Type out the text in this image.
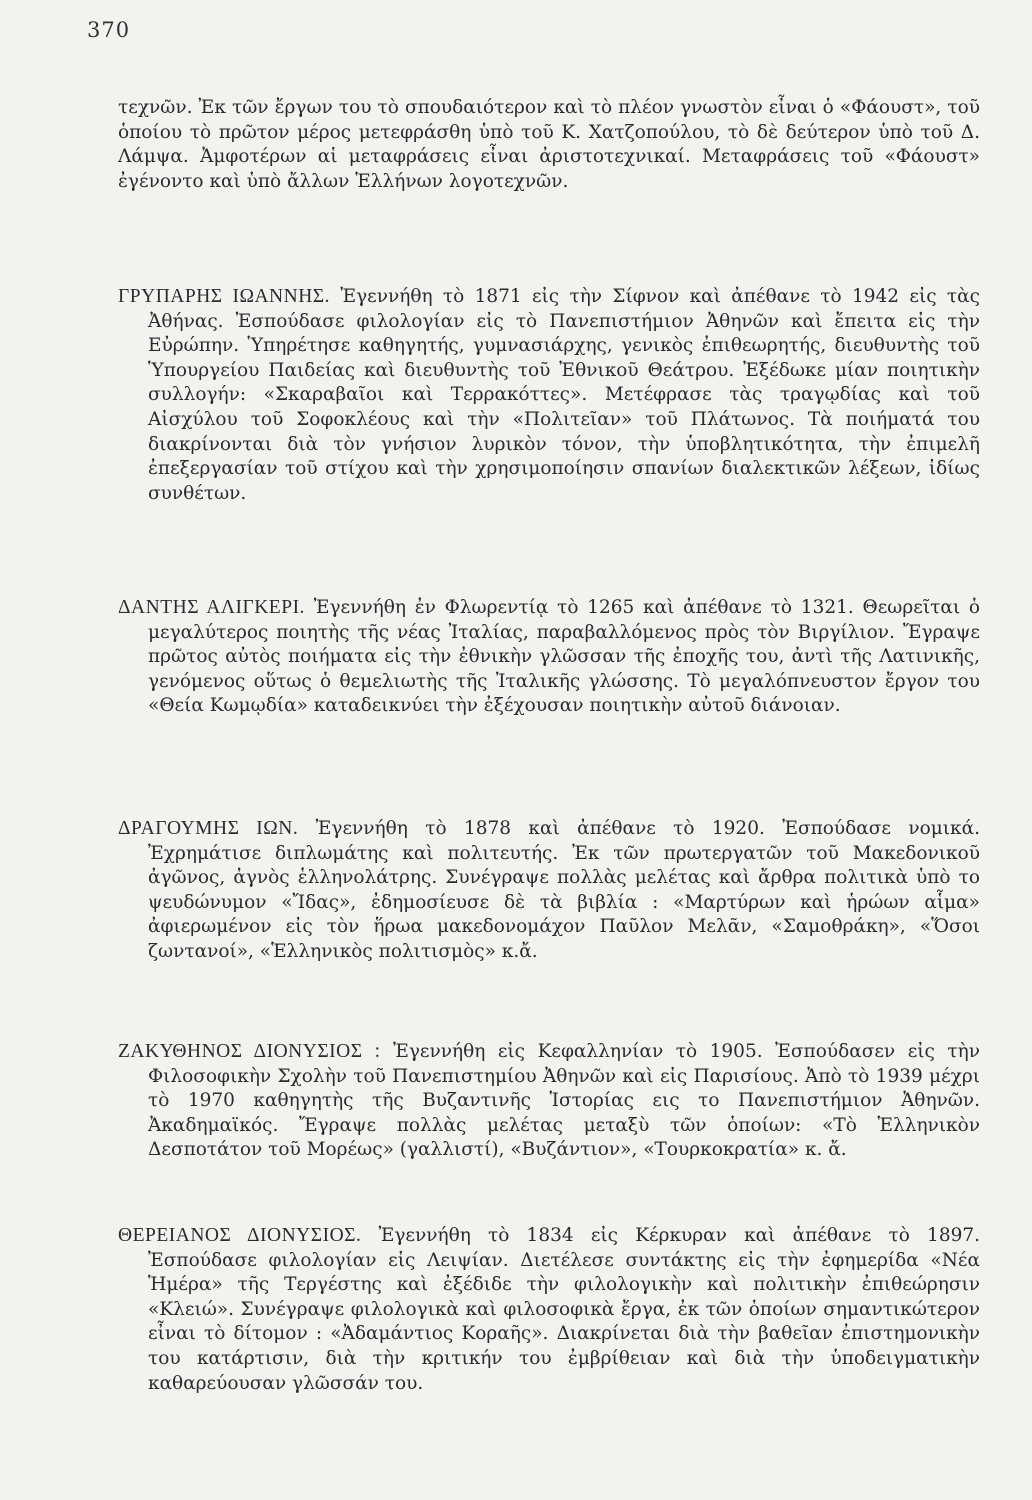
370

τεχνῶν. Ἐκ τῶν ἔργων του τὸ σπουδαιότερον καὶ τὸ πλέον γνωστὸν εἶναι ὁ «Φάουστ», τοῦ ὁποίου τὸ πρῶτον μέρος μετεφράσθη ὑπὸ τοῦ Κ. Χατζοπούλου, τὸ δὲ δεύτερον ὑπὸ τοῦ Δ. Λάμψα. Ἀμφοτέρων αἱ μεταφράσεις εἶναι ἀριστοτεχνικαί. Μεταφράσεις τοῦ «Φάουστ» ἐγένοντο καὶ ὑπὸ ἄλλων Ἑλλήνων λογοτεχνῶν.

ΓΡΥΠΑΡΗΣ ΙΩΑΝΝΗΣ. Ἐγεννήθη τὸ 1871 εἰς τὴν Σίφνον καὶ ἀπέθανε τὸ 1942 εἰς τὰς Ἀθήνας. Ἐσπούδασε φιλολογίαν εἰς τὸ Πανεπιστήμιον Ἀθηνῶν καὶ ἔπειτα εἰς τὴν Εὐρώπην. Ὑπηρέτησε καθηγητής, γυμνασιάρχης, γενικὸς ἐπιθεωρητής, διευθυντὴς τοῦ Ὑπουργείου Παιδείας καὶ διευθυντὴς τοῦ Ἐθνικοῦ Θεάτρου. Ἐξέδωκε μίαν ποιητικὴν συλλογήν: «Σκαραβαῖοι καὶ Τερρακόττες». Μετέφρασε τὰς τραγῳδίας καὶ τοῦ Αἰσχύλου τοῦ Σοφοκλέους καὶ τὴν «Πολιτεῖαν» τοῦ Πλάτωνος. Τὰ ποιήματά του διακρίνονται διὰ τὸν γνήσιον λυρικὸν τόνον, τὴν ὑποβλητικότητα, τὴν ἐπιμελῆ ἐπεξεργασίαν τοῦ στίχου καὶ τὴν χρησιμοποίησιν σπανίων διαλεκτικῶν λέξεων, ἰδίως συνθέτων.

ΔΑΝΤΗΣ ΑΛΙΓΚΕΡΙ. Ἐγεννήθη ἐν Φλωρεντίᾳ τὸ 1265 καὶ ἀπέθανε τὸ 1321. Θεωρεῖται ὁ μεγαλύτερος ποιητὴς τῆς νέας Ἰταλίας, παραβαλλόμενος πρὸς τὸν Βιργίλιον. Ἔγραψε πρῶτος αὐτὸς ποιήματα εἰς τὴν ἐθνικὴν γλῶσσαν τῆς ἐποχῆς του, ἀντὶ τῆς Λατινικῆς, γενόμενος οὕτως ὁ θεμελιωτὴς τῆς Ἰταλικῆς γλώσσης. Τὸ μεγαλόπνευστον ἔργον του «Θεία Κωμῳδία» καταδεικνύει τὴν ἐξέχουσαν ποιητικὴν αὐτοῦ διάνοιαν.

ΔΡΑΓΟΥΜΗΣ ΙΩΝ. Ἐγεννήθη τὸ 1878 καὶ ἀπέθανε τὸ 1920. Ἐσπούδασε νομικά. Ἐχρημάτισε διπλωμάτης καὶ πολιτευτής. Ἐκ τῶν πρωτεργατῶν τοῦ Μακεδονικοῦ ἀγῶνος, ἁγνὸς ἑλληνολάτρης. Συνέγραψε πολλὰς μελέτας καὶ ἄρθρα πολιτικὰ ὑπὸ το ψευδώνυμον «Ἴδας», ἐδημοσίευσε δὲ τὰ βιβλία : «Μαρτύρων καὶ ἡρώων αἷμα» ἀφιερωμένον εἰς τὸν ἥρωα μακεδονομάχον Παῦλον Μελᾶν, «Σαμοθράκη», «Ὅσοι ζωντανοί», «Ἑλληνικὸς πολιτισμὸς» κ.ἄ.

ΖΑΚΥΘΗΝΟΣ ΔΙΟΝΥΣΙΟΣ : Ἐγεννήθη εἰς Κεφαλληνίαν τὸ 1905. Ἐσπούδασεν εἰς τὴν Φιλοσοφικὴν Σχολὴν τοῦ Πανεπιστημίου Ἀθηνῶν καὶ εἰς Παρισίους. Ἀπὸ τὸ 1939 μέχρι τὸ 1970 καθηγητὴς τῆς Βυζαντινῆς Ἱστορίας εις το Πανεπιστήμιον Ἀθηνῶν. Ἀκαδημαϊκός. Ἔγραψε πολλὰς μελέτας μεταξὺ τῶν ὁποίων: «Τὸ Ἑλληνικὸν Δεσποτάτον τοῦ Μορέως» (γαλλιστί), «Βυζάντιον», «Τουρκοκρατία» κ. ἄ.

ΘΕΡΕΙΑΝΟΣ ΔΙΟΝΥΣΙΟΣ. Ἐγεννήθη τὸ 1834 εἰς Κέρκυραν καὶ ἀπέθανε τὸ 1897. Ἐσπούδασε φιλολογίαν εἰς Λειψίαν. Διετέλεσε συντάκτης εἰς τὴν ἐφημερίδα «Νέα Ἡμέρα» τῆς Τεργέστης καὶ ἐξέδιδε τὴν φιλολογικὴν καὶ πολιτικὴν ἐπιθεώρησιν «Κλειώ». Συνέγραψε φιλολογικὰ καὶ φιλοσοφικὰ ἔργα, ἐκ τῶν ὁποίων σημαντικώτερον εἶναι τὸ δίτομον : «Ἀδαμάντιος Κοραῆς». Διακρίνεται διὰ τὴν βαθεῖαν ἐπιστημονικὴν του κατάρτισιν, διὰ τὴν κριτικήν του ἐμβρίθειαν καὶ διὰ τὴν ὑποδειγματικὴν καθαρεύουσαν γλῶσσάν του.
